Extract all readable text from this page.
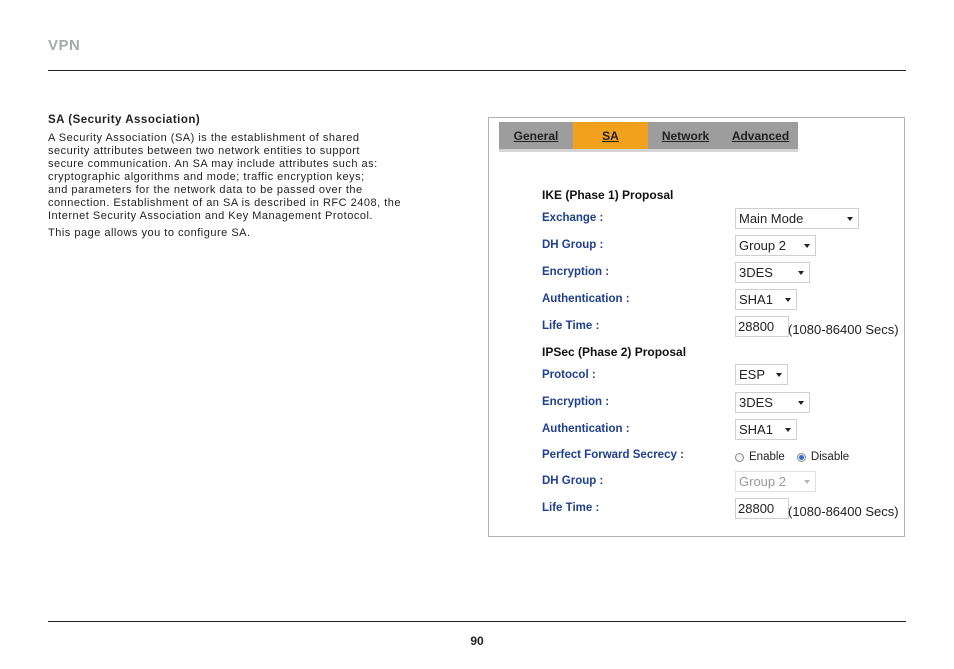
VPN
SA (Security Association)

A Security Association (SA) is the establishment of shared
security attributes between two network entities to support
secure communication. An SA may include attributes such as:
cryptographic algorithms and mode; traffic encryption keys;
and parameters for the network data to be passed over the
connection. Establishment of an SA is described in RFC 2408, the
Internet Security Association and Key Management Protocol.

This page allows you to configure SA.

General	SA	Network	Advanced
IKE (Phase 1) Proposal
Exchange :	Main Mode
DH Group :	Group 2
Encryption :	3DES
Authentication :	SHA1
Life Time :	28800	(1080-86400 Secs)
IPSec (Phase 2) Proposal
Protocol :	ESP
Encryption :	3DES
Authentication :	SHA1
Perfect Forward Secrecy :	Enable Disable
DH Group :	Group 2
Life Time :	28800	(1080-86400 Secs)
90
